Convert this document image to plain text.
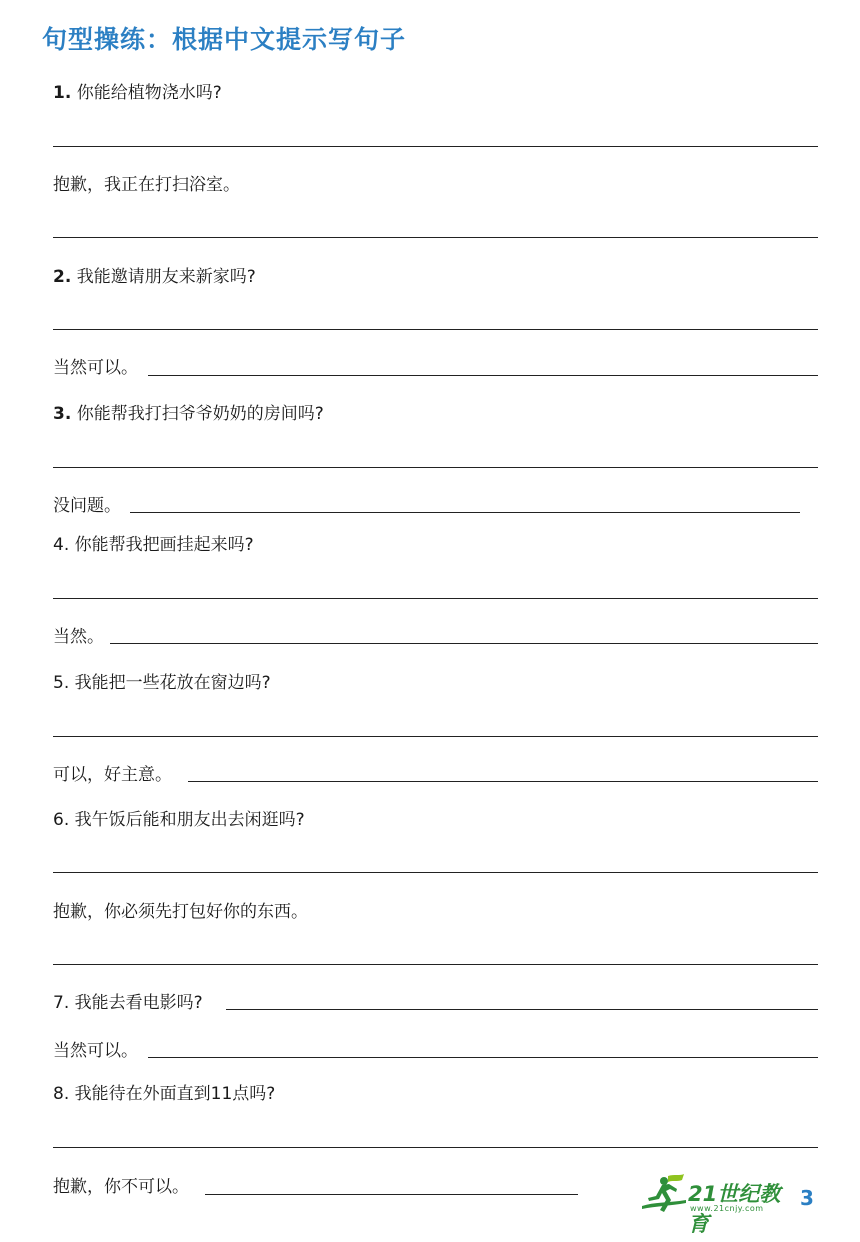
句型操练：根据中文提示写句子
1. 你能给植物浇水吗?
抱歉，我正在打扫浴室。
2. 我能邀请朋友来新家吗?
当然可以。
3. 你能帮我打扫爷爷奶奶的房间吗?
没问题。
4. 你能帮我把画挂起来吗?
当然。
5. 我能把一些花放在窗边吗?
可以，好主意。
6. 我午饭后能和朋友出去闲逛吗?
抱歉，你必须先打包好你的东西。
7. 我能去看电影吗?
当然可以。
8. 我能待在外面直到11点吗?
抱歉，你不可以。	21世纪教育
www.21cnjy.com 3
